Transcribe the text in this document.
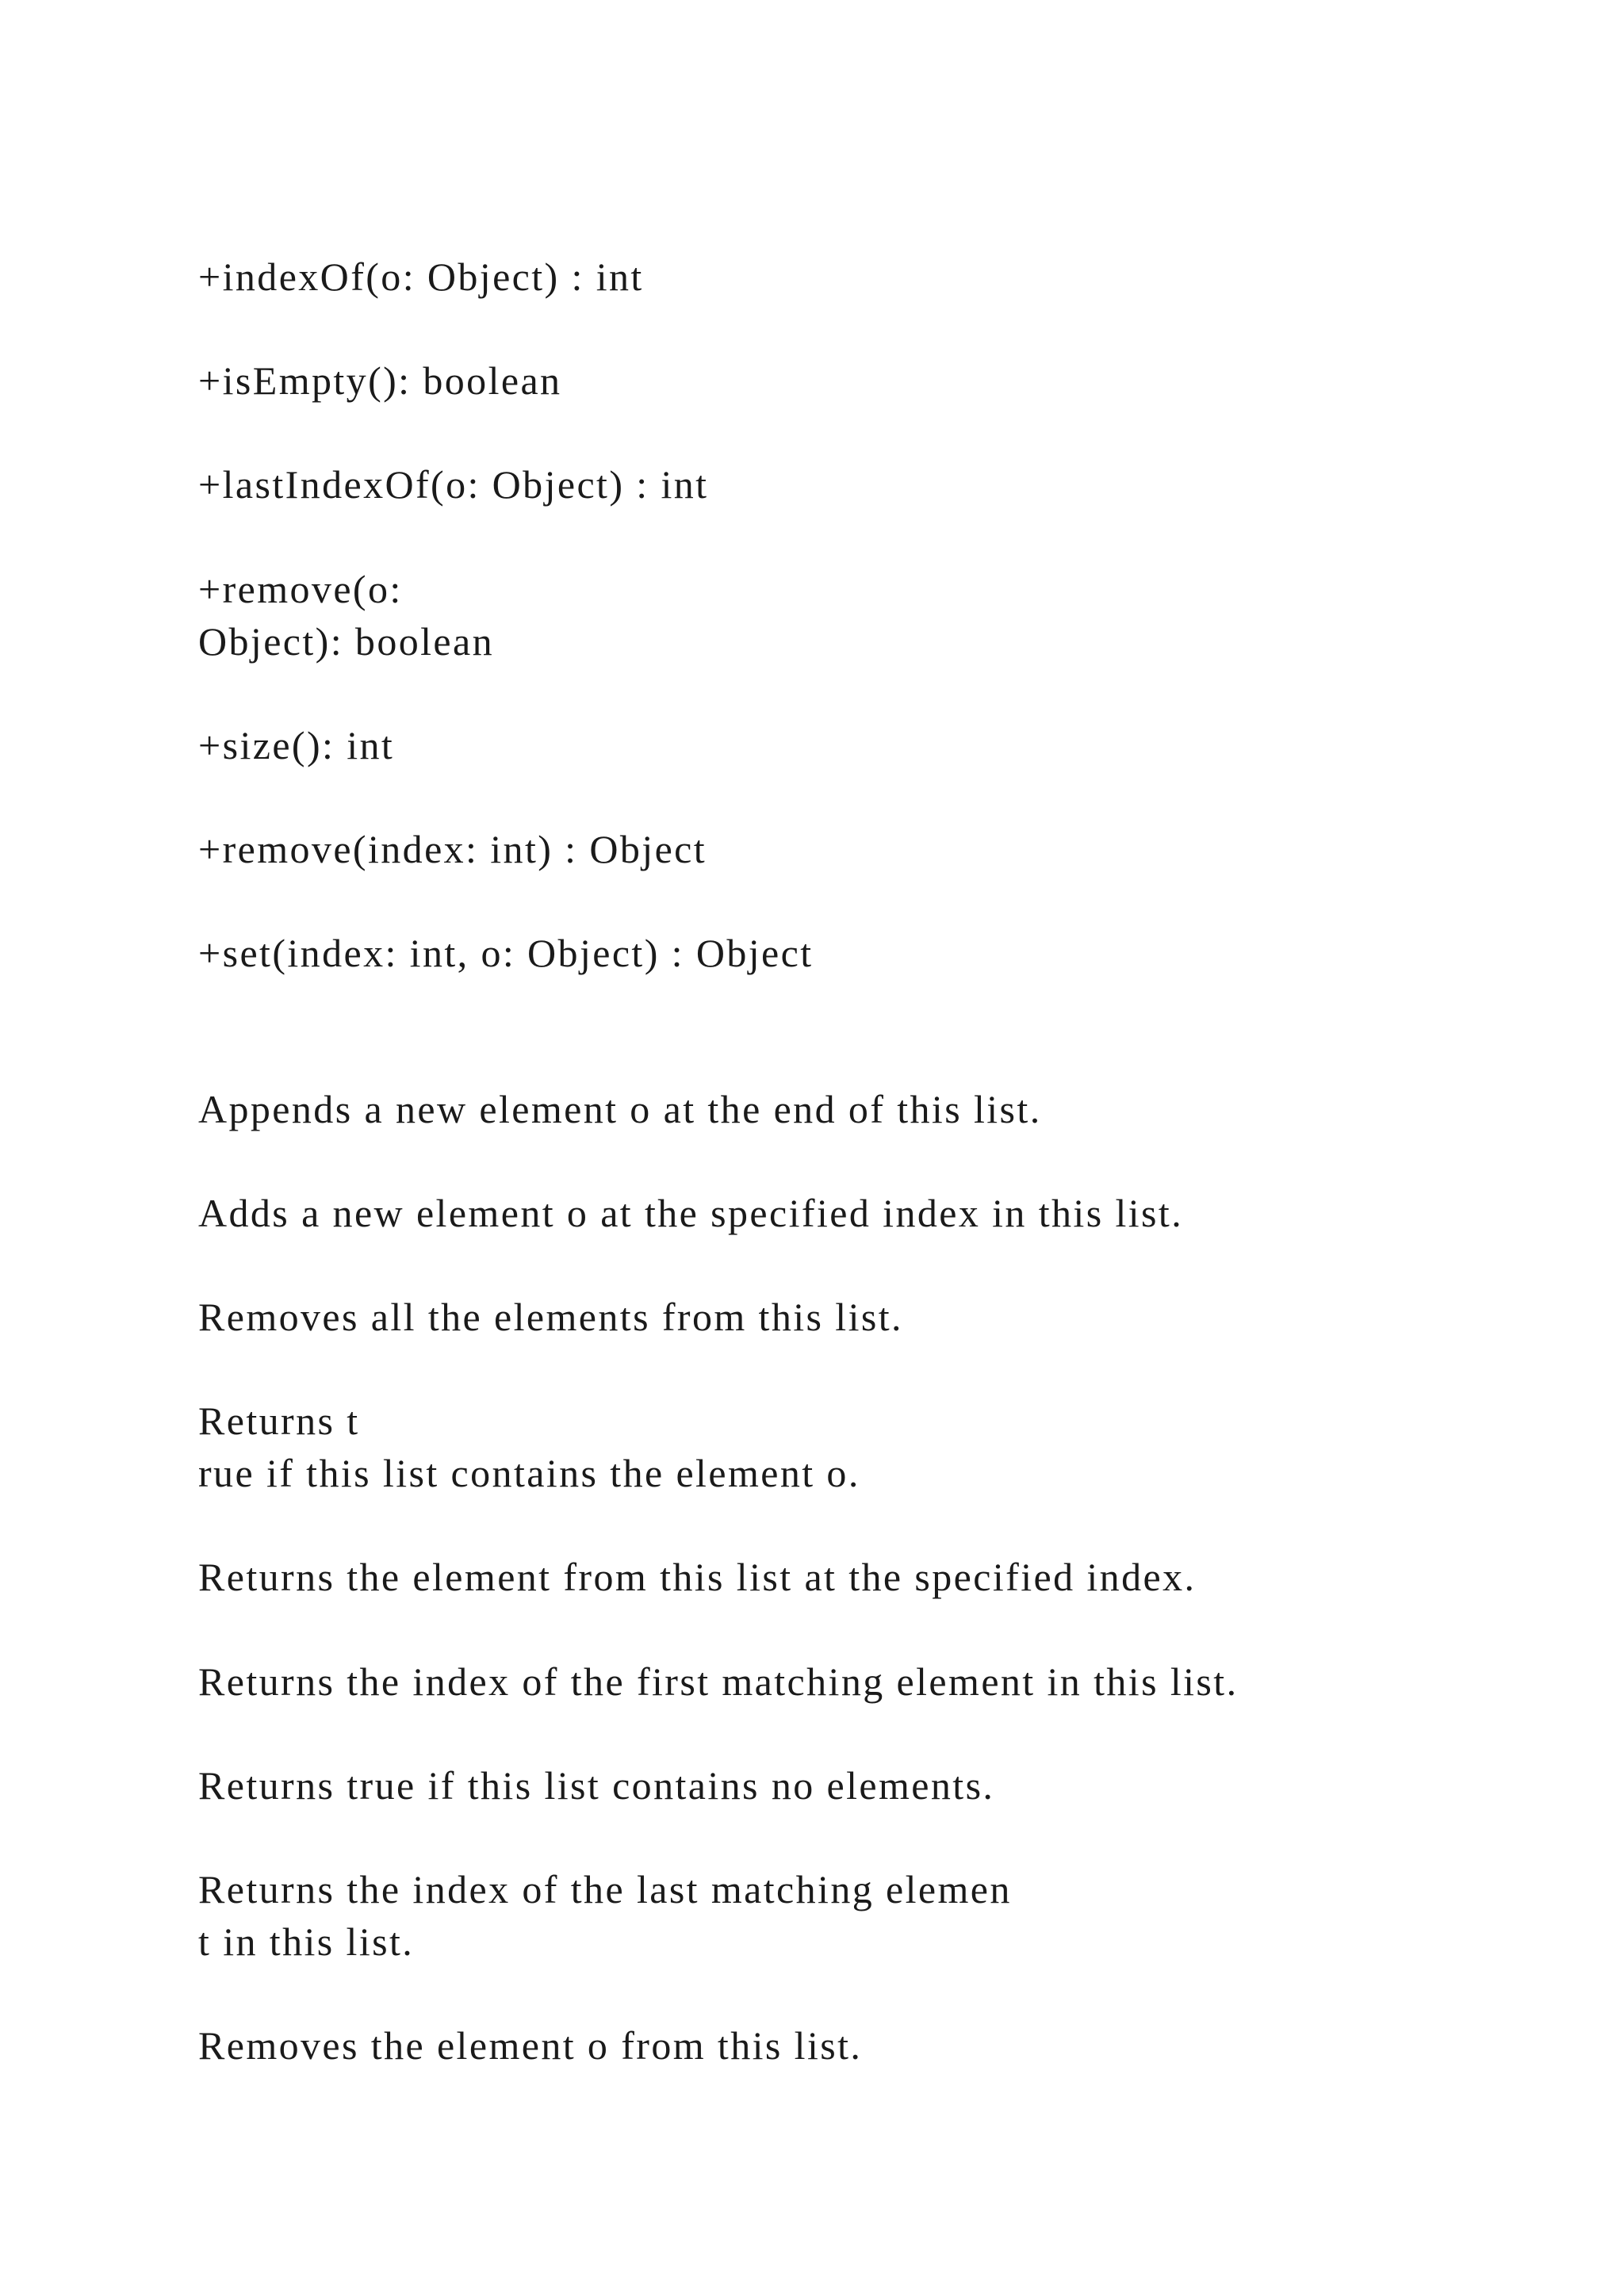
+indexOf(o: Object) : int

+isEmpty(): boolean

+lastIndexOf(o: Object) : int

+remove(o:

Object): boolean

+size(): int

+remove(index: int) : Object

+set(index: int, o: Object) : Object

Appends a new element o at the end of this list.

Adds a new element o at the specified index in this list.

Removes all the elements from this list.

Returns t

rue if this list contains the element o.

Returns the element from this list at the specified index.

Returns the index of the first matching element in this list.

Returns true if this list contains no elements.

Returns the index of the last matching elemen

t in this list.

Removes the element o from this list.
